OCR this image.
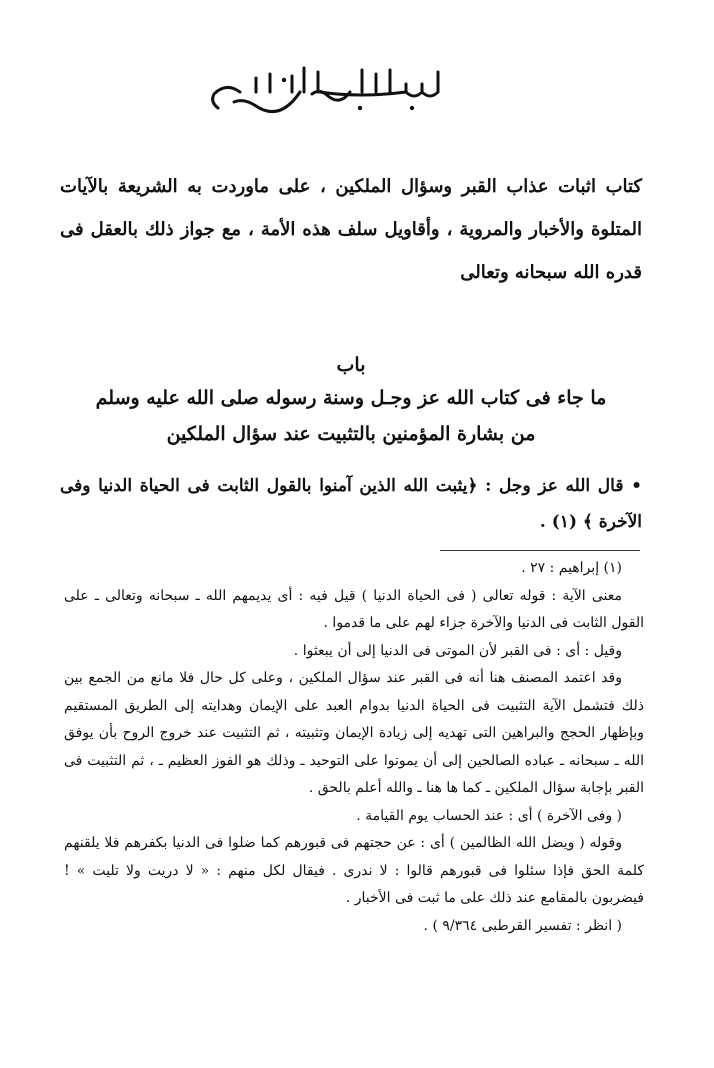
كتاب اثبات عذاب القبر وسؤال الملكين ، على ماوردت به الشريعة بالآيات المتلوة والأخبار والمروية ، وأقاويل سلف هذه الأمة ، مع جواز ذلك بالعقل فى قدره الله سبحانه وتعالى
باب
ما جاء فى كتاب الله عز وجـل وسنة رسوله صلى الله عليه وسلم
من بشارة المؤمنين بالتثبيت عند سؤال الملكين
• قال الله عز وجل : ﴿يثبت الله الذين آمنوا بالقول الثابت فى الحياة الدنيا وفى الآخرة ﴾ (١) .

(١) إبراهيم : ٢٧ .

معنى الآية : قوله تعالى ( فى الحياة الدنيا ) قيل فيه : أى يديمهم الله ـ سبحانه وتعالى ـ على القول الثابت فى الدنيا والآخرة جزاء لهم على ما قدموا .

وقيل : أى : فى القبر لأن الموتى فى الدنيا إلى أن يبعثوا .

وقد اعتمد المصنف هنا أنه فى القبر عند سؤال الملكين ، وعلى كل حال فلا مانع من الجمع بين ذلك فتشمل الآية التثبيت فى الحياة الدنيا بدوام العبد على الإيمان وهدايته إلى الطريق المستقيم وبإظهار الحجج والبراهين التى تهديه إلى زيادة الإيمان وتثبيته ، ثم التثبيت عند خروج الروح بأن يوفق الله ـ سبحانه ـ عباده الصالحين إلى أن يموتوا على التوحيد ـ وذلك هو الفوز العظيم ـ ، ثم التثبيت فى القبر بإجابة سؤال الملكين ـ كما ها هنا ـ والله أعلم بالحق .

( وفى الآخرة ) أى : عند الحساب يوم القيامة .

وقوله ( ويضل الله الظالمين ) أى : عن حجتهم فى قبورهم كما ضلوا فى الدنيا بكفرهم فلا يلقنهم كلمة الحق فإذا سئلوا فى قبورهم قالوا : لا ندرى . فيقال لكل منهم : « لا دريت ولا تليت » ! فيضربون بالمقامع عند ذلك على ما ثبت فى الأخبار .

( انظر : تفسير القرطبى ٩/٣٦٤ ) .
